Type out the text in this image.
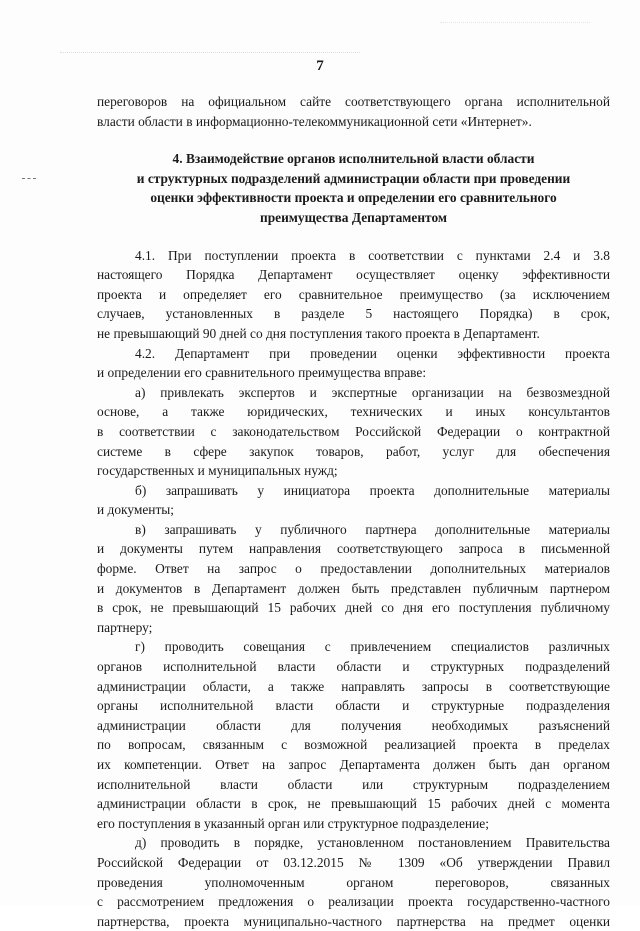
7
переговоров на официальном сайте соответствующего органа исполнительной
власти области в информационно-телекоммуникационной сети «Интернет».
4. Взаимодействие органов исполнительной власти области
и структурных подразделений администрации области при проведении
оценки эффективности проекта и определении его сравнительного
преимущества Департаментом
4.1. При поступлении проекта в соответствии с пунктами 2.4 и 3.8
настоящего Порядка Департамент осуществляет оценку эффективности
проекта и определяет его сравнительное преимущество (за исключением
случаев, установленных в разделе 5 настоящего Порядка) в срок,
не превышающий 90 дней со дня поступления такого проекта в Департамент.
4.2. Департамент при проведении оценки эффективности проекта
и определении его сравнительного преимущества вправе:
а) привлекать экспертов и экспертные организации на безвозмездной
основе, а также юридических, технических и иных консультантов
в соответствии с законодательством Российской Федерации о контрактной
системе в сфере закупок товаров, работ, услуг для обеспечения
государственных и муниципальных нужд;
б) запрашивать у инициатора проекта дополнительные материалы
и документы;
в) запрашивать у публичного партнера дополнительные материалы
и документы путем направления соответствующего запроса в письменной
форме. Ответ на запрос о предоставлении дополнительных материалов
и документов в Департамент должен быть представлен публичным партнером
в срок, не превышающий 15 рабочих дней со дня его поступления публичному
партнеру;
г) проводить совещания с привлечением специалистов различных
органов исполнительной власти области и структурных подразделений
администрации области, а также направлять запросы в соответствующие
органы исполнительной власти области и структурные подразделения
администрации области для получения необходимых разъяснений
по вопросам, связанным с возможной реализацией проекта в пределах
их компетенции. Ответ на запрос Департамента должен быть дан органом
исполнительной власти области или структурным подразделением
администрации области в срок, не превышающий 15 рабочих дней с момента
его поступления в указанный орган или структурное подразделение;
д) проводить в порядке, установленном постановлением Правительства
Российской Федерации от 03.12.2015 № 1309 «Об утверждении Правил
проведения уполномоченным органом переговоров, связанных
с рассмотрением предложения о реализации проекта государственно-частного
партнерства, проекта муниципально-частного партнерства на предмет оценки
